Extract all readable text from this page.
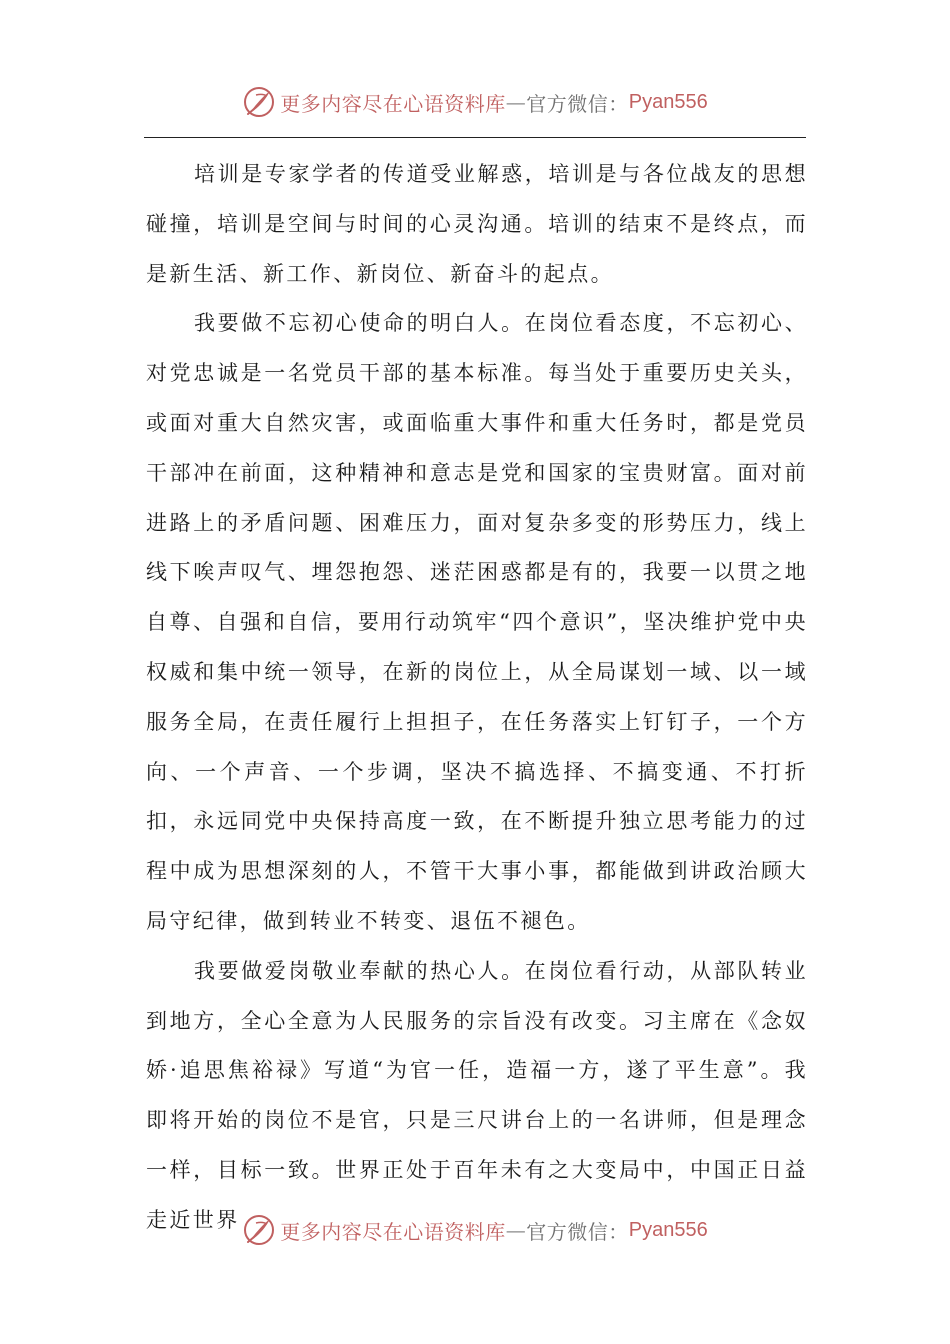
更多内容尽在心语资料库 — 官方微信： Pyan556

培训是专家学者的传道受业解惑，培训是与各位战友的思想碰撞，培训是空间与时间的心灵沟通。培训的结束不是终点，而是新生活、新工作、新岗位、新奋斗的起点。

我要做不忘初心使命的明白人。在岗位看态度，不忘初心、对党忠诚是一名党员干部的基本标准。每当处于重要历史关头，或面对重大自然灾害，或面临重大事件和重大任务时，都是党员干部冲在前面，这种精神和意志是党和国家的宝贵财富。面对前进路上的矛盾问题、困难压力，面对复杂多变的形势压力，线上线下唉声叹气、埋怨抱怨、迷茫困惑都是有的，我要一以贯之地自尊、自强和自信，要用行动筑牢“四个意识”，坚决维护党中央权威和集中统一领导，在新的岗位上，从全局谋划一域、以一域服务全局，在责任履行上担担子，在任务落实上钉钉子，一个方向、一个声音、一个步调，坚决不搞选择、不搞变通、不打折扣，永远同党中央保持高度一致，在不断提升独立思考能力的过程中成为思想深刻的人，不管干大事小事，都能做到讲政治顾大局守纪律，做到转业不转变、退伍不褪色。

我要做爱岗敬业奉献的热心人。在岗位看行动，从部队转业到地方，全心全意为人民服务的宗旨没有改变。习主席在《念奴娇·追思焦裕禄》写道“为官一任，造福一方，遂了平生意”。我即将开始的岗位不是官，只是三尺讲台上的一名讲师，但是理念一样，目标一致。世界正处于百年未有之大变局中，中国正日益走近世界	更多内容尽在心语资料库 — 官方微信： Pyan556
